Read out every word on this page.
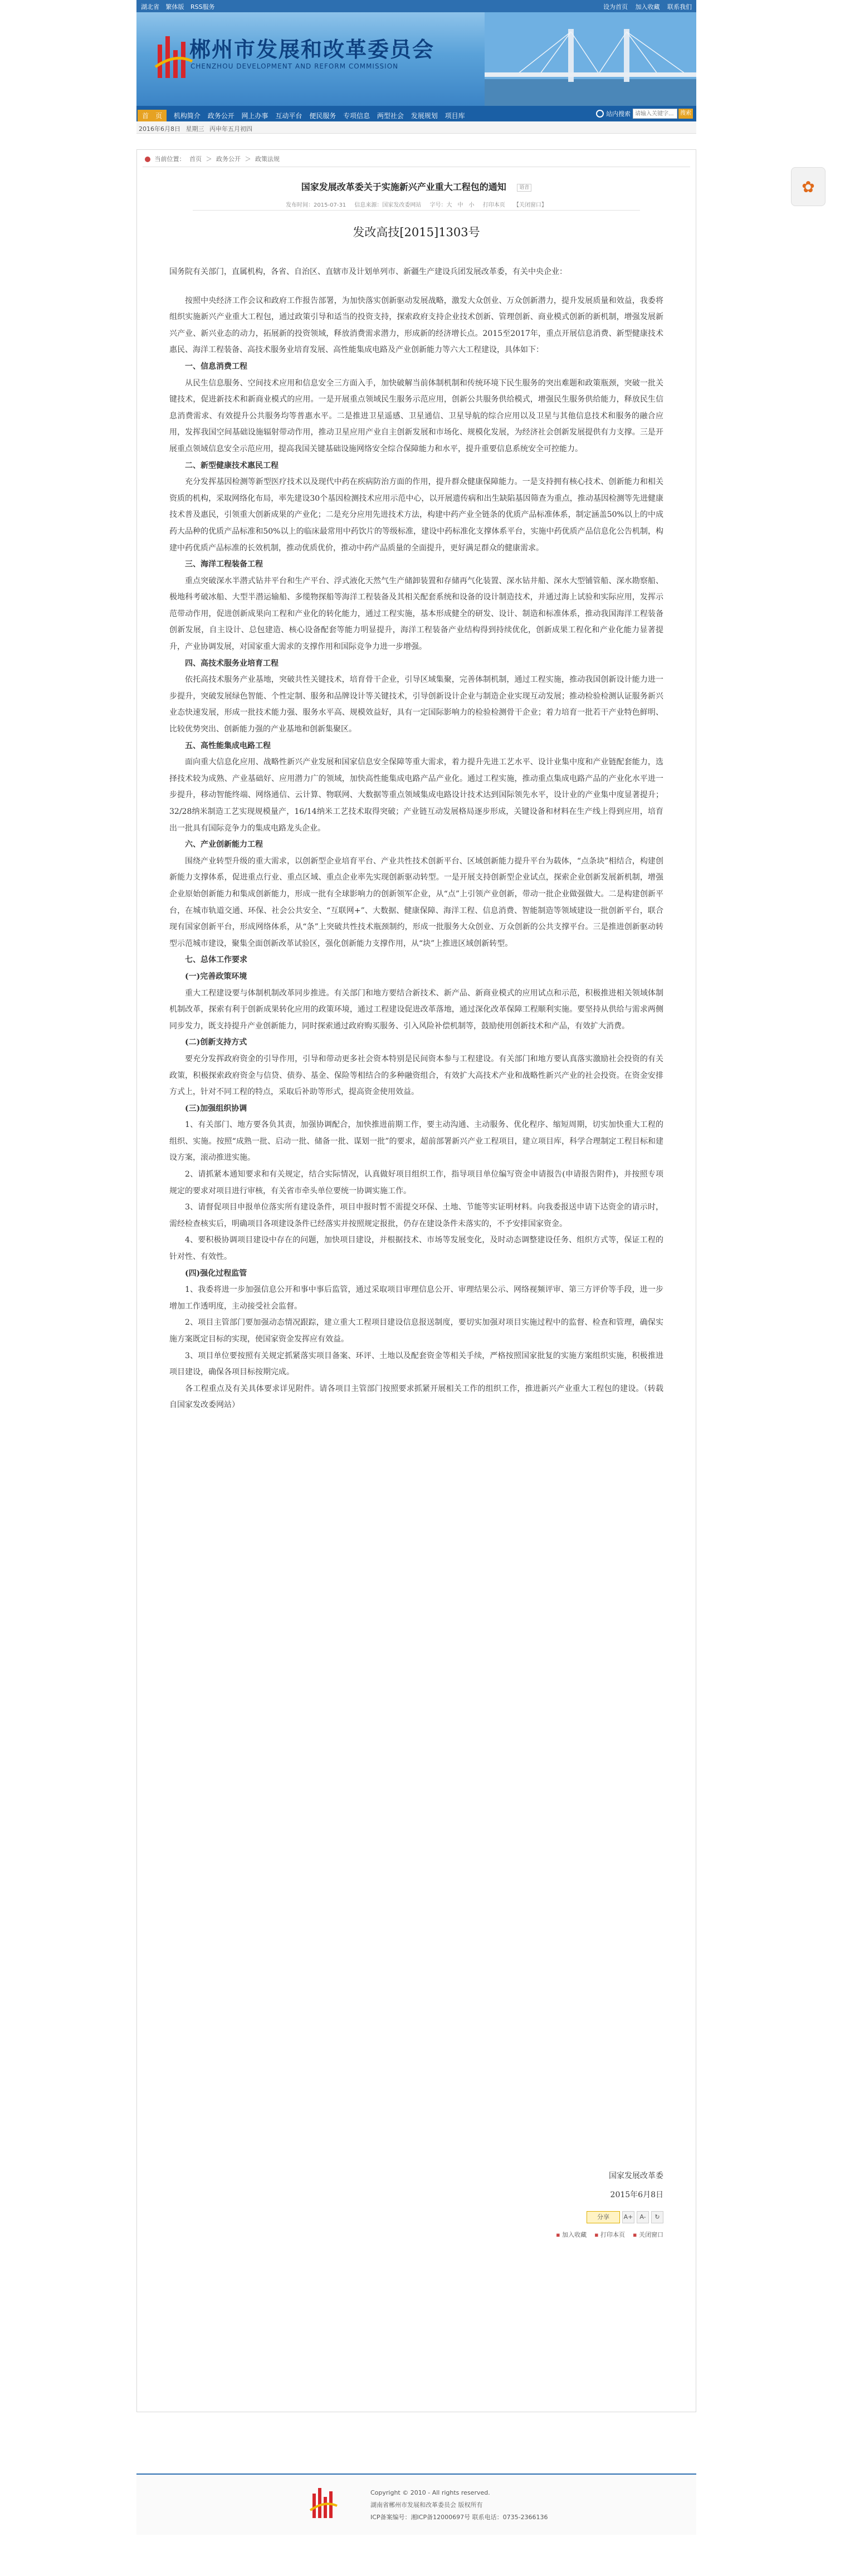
湖北省 繁体版 RSS服务	设为首页 加入收藏 联系我们
郴州市发展和改革委员会
CHENZHOU DEVELOPMENT AND REFORM COMMISSION
首　页 机构简介 政务公开 网上办事 互动平台 便民服务 专项信息 两型社会 发展规划 项目库	站内搜索
请输入关键字...	搜索
2016年6月8日 星期三 丙申年五月初四
当前位置： 首页 ＞ 政务公开 ＞ 政策法规
国家发展改革委关于实施新兴产业重大工程包的通知	语音
发布时间：2015-07-31 信息来源：国家发改委网站 字号：大　中　小 打印本页 【关闭窗口】
发改高技[2015]1303号

国务院有关部门，直属机构，各省、自治区、直辖市及计划单列市、新疆生产建设兵团发展改革委，有关中央企业：

按照中央经济工作会议和政府工作报告部署，为加快落实创新驱动发展战略，激发大众创业、万众创新潜力，提升发展质量和效益，我委将组织实施新兴产业重大工程包，通过政策引导和适当的投资支持，探索政府支持企业技术创新、管理创新、商业模式创新的新机制，增强发展新兴产业、新兴业态的动力，拓展新的投资领域，释放消费需求潜力，形成新的经济增长点。2015至2017年，重点开展信息消费、新型健康技术惠民、海洋工程装备、高技术服务业培育发展、高性能集成电路及产业创新能力等六大工程建设，具体如下：

一、信息消费工程

从民生信息服务、空间技术应用和信息安全三方面入手，加快破解当前体制机制和传统环境下民生服务的突出难题和政策瓶颈，突破一批关键技术，促进新技术和新商业模式的应用。一是开展重点领域民生服务示范应用，创新公共服务供给模式，增强民生服务供给能力，释放民生信息消费需求、有效提升公共服务均等普惠水平。二是推进卫星遥感、卫星通信、卫星导航的综合应用以及卫星与其他信息技术和服务的融合应用，发挥我国空间基础设施辐射带动作用，推动卫星应用产业自主创新发展和市场化、规模化发展，为经济社会创新发展提供有力支撑。三是开展重点领域信息安全示范应用，提高我国关键基础设施网络安全综合保障能力和水平，提升重要信息系统安全可控能力。

二、新型健康技术惠民工程

充分发挥基因检测等新型医疗技术以及现代中药在疾病防治方面的作用，提升群众健康保障能力。一是支持拥有核心技术、创新能力和相关资质的机构，采取网络化布局，率先建设30个基因检测技术应用示范中心，以开展遗传病和出生缺陷基因筛查为重点，推动基因检测等先进健康技术普及惠民，引领重大创新成果的产业化；二是充分应用先进技术方法，构建中药产业全链条的优质产品标准体系，制定涵盖50%以上的中成药大品种的优质产品标准和50%以上的临床最常用中药饮片的等级标准，建设中药标准化支撑体系平台，实施中药优质产品信息化公告机制，构建中药优质产品标准的长效机制，推动优质优价，推动中药产品质量的全面提升，更好满足群众的健康需求。

三、海洋工程装备工程

重点突破深水半潜式钻井平台和生产平台、浮式液化天然气生产储卸装置和存储再气化装置、深水钻井船、深水大型铺管船、深水勘察船、极地科考破冰船、大型半潜运输船、多缆物探船等海洋工程装备及其相关配套系统和设备的设计制造技术，并通过海上试验和实际应用，发挥示范带动作用，促进创新成果向工程和产业化的转化能力，通过工程实施，基本形成健全的研发、设计、制造和标准体系，推动我国海洋工程装备创新发展，自主设计、总包建造、核心设备配套等能力明显提升，海洋工程装备产业结构得到持续优化，创新成果工程化和产业化能力显著提升，产业协调发展，对国家重大需求的支撑作用和国际竞争力进一步增强。

四、高技术服务业培育工程

依托高技术服务产业基地，突破共性关键技术，培育骨干企业，引导区域集聚，完善体制机制，通过工程实施，推动我国创新设计能力进一步提升，突破发展绿色智能、个性定制、服务和品牌设计等关键技术，引导创新设计企业与制造企业实现互动发展；推动检验检测认证服务新兴业态快速发展，形成一批技术能力强、服务水平高、规模效益好，具有一定国际影响力的检验检测骨干企业；着力培育一批若干产业特色鲜明、比较优势突出、创新能力强的产业基地和创新集聚区。

五、高性能集成电路工程

面向重大信息化应用、战略性新兴产业发展和国家信息安全保障等重大需求，着力提升先进工艺水平、设计业集中度和产业链配套能力，选择技术较为成熟、产业基础好、应用潜力广的领域，加快高性能集成电路产品产业化。通过工程实施，推动重点集成电路产品的产业化水平进一步提升，移动智能终端、网络通信、云计算、物联网、大数据等重点领域集成电路设计技术达到国际领先水平，设计业的产业集中度显著提升；32/28纳米制造工艺实现规模量产，16/14纳米工艺技术取得突破；产业链互动发展格局逐步形成，关键设备和材料在生产线上得到应用，培育出一批具有国际竞争力的集成电路龙头企业。

六、产业创新能力工程

围绕产业转型升级的重大需求，以创新型企业培育平台、产业共性技术创新平台、区域创新能力提升平台为载体，“点条块”相结合，构建创新能力支撑体系，促进重点行业、重点区域、重点企业率先实现创新驱动转型。一是开展支持创新型企业试点，探索企业创新发展新机制，增强企业原始创新能力和集成创新能力，形成一批有全球影响力的创新领军企业，从“点”上引领产业创新，带动一批企业做强做大。二是构建创新平台，在城市轨道交通、环保、社会公共安全、“互联网+”、大数据、健康保障、海洋工程、信息消费、智能制造等领域建设一批创新平台，联合现有国家创新平台，形成网络体系，从“条”上突破共性技术瓶颈制约，形成一批服务大众创业、万众创新的公共支撑平台。三是推进创新驱动转型示范城市建设，聚集全面创新改革试验区，强化创新能力支撑作用，从“块”上推进区域创新转型。

七、总体工作要求

(一)完善政策环境

重大工程建设要与体制机制改革同步推进。有关部门和地方要结合新技术、新产品、新商业模式的应用试点和示范，积极推进相关领域体制机制改革，探索有利于创新成果转化应用的政策环境，通过工程建设促进改革落地，通过深化改革保障工程顺利实施。要坚持从供给与需求两侧同步发力，既支持提升产业创新能力，同时探索通过政府购买服务、引入风险补偿机制等，鼓励使用创新技术和产品，有效扩大消费。

(二)创新支持方式

要充分发挥政府资金的引导作用，引导和带动更多社会资本特别是民间资本参与工程建设。有关部门和地方要认真落实激励社会投资的有关政策，积极探索政府资金与信贷、债券、基金、保险等相结合的多种融资组合，有效扩大高技术产业和战略性新兴产业的社会投资。在资金安排方式上，针对不同工程的特点，采取后补助等形式，提高资金使用效益。

(三)加强组织协调

1、有关部门、地方要各负其责，加强协调配合，加快推进前期工作，要主动沟通、主动服务、优化程序、缩短周期，切实加快重大工程的组织、实施。按照“成熟一批、启动一批、储备一批、谋划一批”的要求，超前部署新兴产业工程项目，建立项目库，科学合理制定工程目标和建设方案，滚动推进实施。

2、请抓紧本通知要求和有关规定，结合实际情况，认真做好项目组织工作，指导项目单位编写资金申请报告(申请报告附件)，并按照专项规定的要求对项目进行审核，有关省市牵头单位要统一协调实施工作。

3、请督促项目申报单位落实所有建设条件，项目申报时暂不需提交环保、土地、节能等实证明材料。向我委报送申请下达资金的请示时，需经检查核实后，明确项目各项建设条件已经落实并按照规定报批，仍存在建设条件未落实的，不予安排国家资金。

4、要积极协调项目建设中存在的问题，加快项目建设，并根据技术、市场等发展变化，及时动态调整建设任务、组织方式等，保证工程的针对性、有效性。

(四)强化过程监管

1、我委将进一步加强信息公开和事中事后监管，通过采取项目审理信息公开、审理结果公示、网络视频评审、第三方评价等手段，进一步增加工作透明度，主动接受社会监督。

2、项目主管部门要加强动态情况跟踪，建立重大工程项目建设信息报送制度，要切实加强对项目实施过程中的监督、检查和管理，确保实施方案既定目标的实现，使国家资金发挥应有效益。

3、项目单位要按照有关规定抓紧落实项目备案、环评、土地以及配套资金等相关手续，严格按照国家批复的实施方案组织实施，积极推进项目建设，确保各项目标按期完成。

各工程重点及有关具体要求详见附件。请各项目主管部门按照要求抓紧开展相关工作的组织工作，推进新兴产业重大工程包的建设。（转载自国家发改委网站）

国家发展改革委
2015年6月8日
分享	A+	A-	↻
▪ 加入收藏	▪ 打印本页	▪ 关闭窗口
Copyright © 2010 - All rights reserved.
湖南省郴州市发展和改革委员会 版权所有
ICP备案编号：湘ICP备12000697号 联系电话：0735-2366136
✿
